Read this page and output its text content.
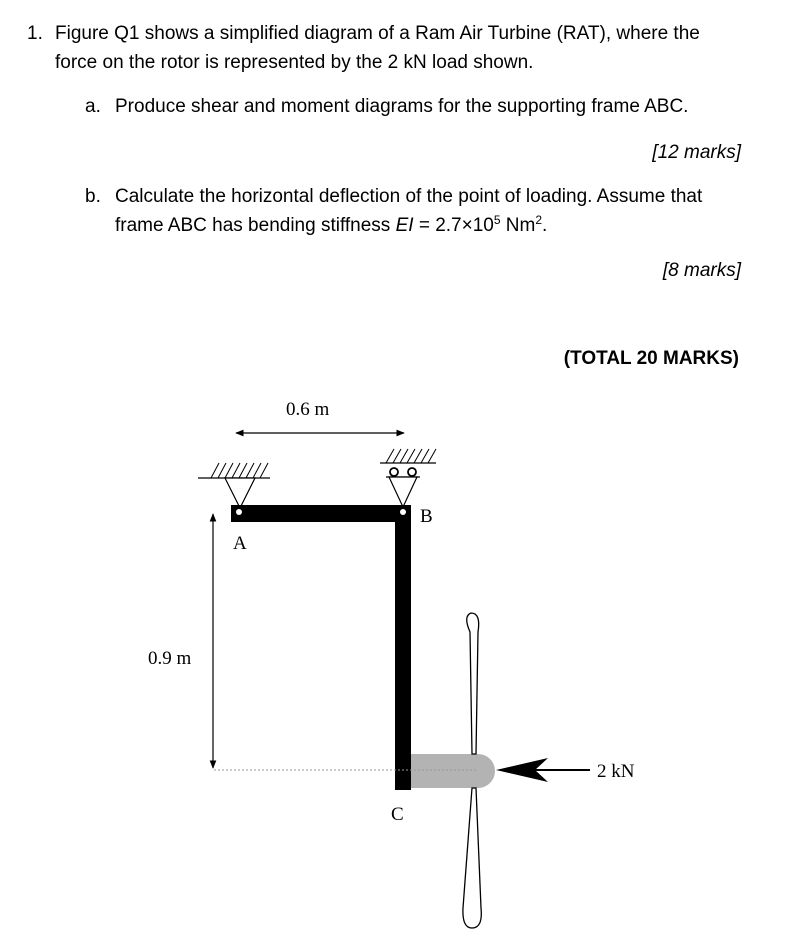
1. Figure Q1 shows a simplified diagram of a Ram Air Turbine (RAT), where the
force on the rotor is represented by the 2 kN load shown.
a. Produce shear and moment diagrams for the supporting frame ABC.
[12 marks]
b. Calculate the horizontal deflection of the point of loading. Assume that
frame ABC has bending stiffness EI = $2.7\times 10^5$ Nm$^2$.
[8 marks]
(TOTAL 20 MARKS)
0.6 m
0.9 m
A
B
C
2 kN
